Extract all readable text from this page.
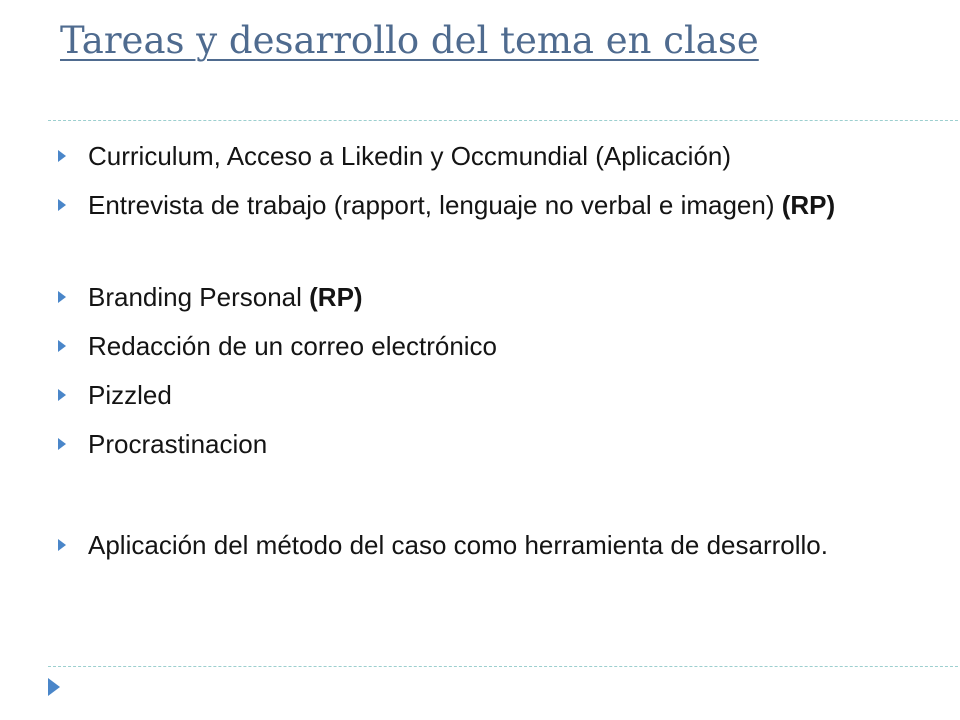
Tareas y desarrollo del tema en clase
Curriculum, Acceso a Likedin y Occmundial (Aplicación)
Entrevista de trabajo (rapport, lenguaje no verbal e imagen) (RP)
Branding Personal (RP)
Redacción de un correo electrónico
Pizzled
Procrastinacion
Aplicación del método del caso como herramienta de desarrollo.
